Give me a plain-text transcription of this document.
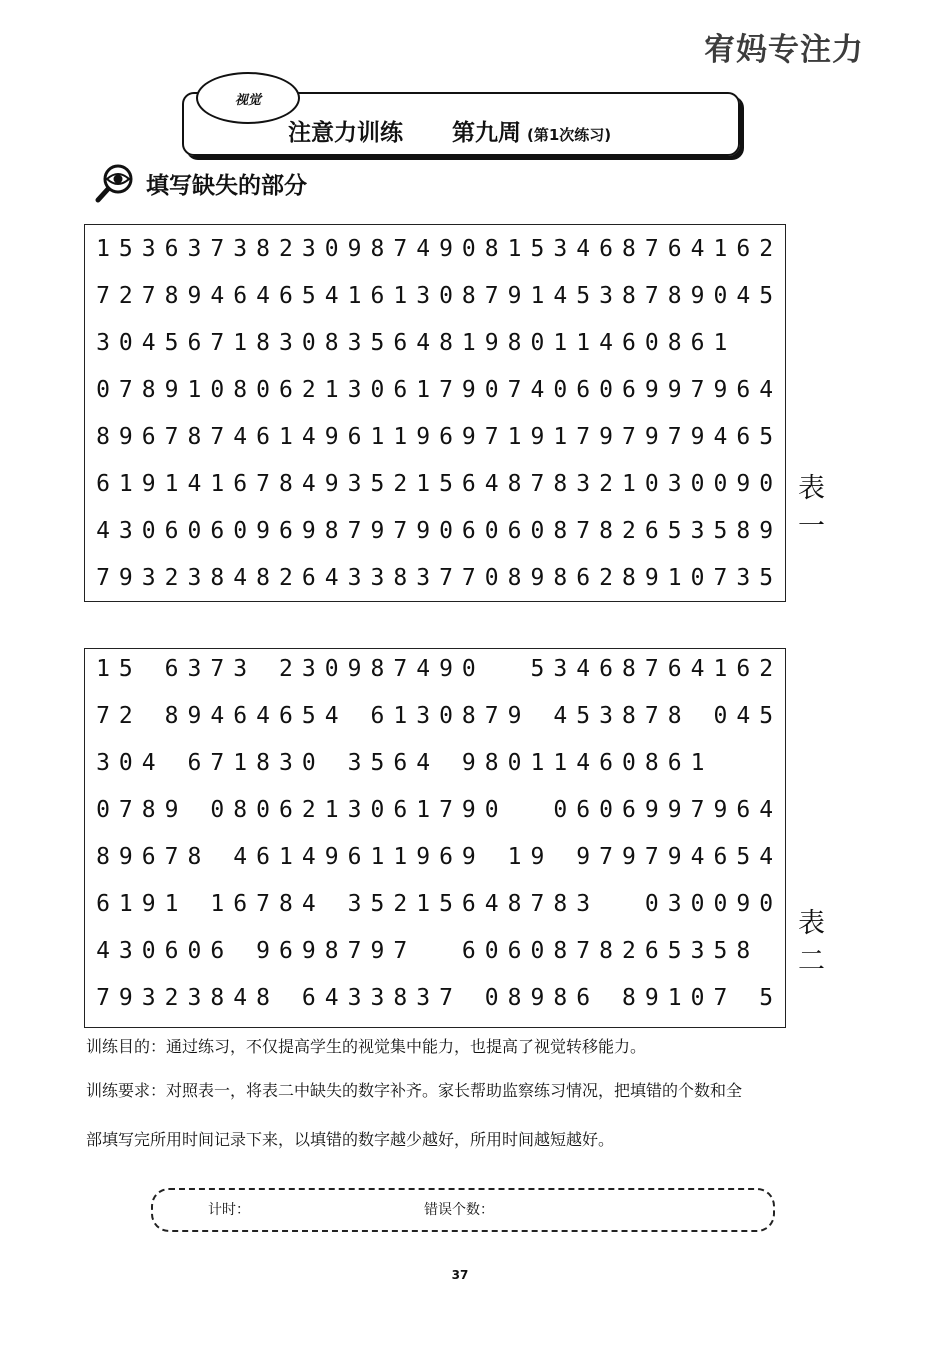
宥妈专注力
视觉
注意力训练 第九周 (第1次练习)
填写缺失的部分
1 5 3 6 3 7 3 8 2 3 0 9 8 7 4 9 0 8 1 5 3 4 6 8 7 6 4 1 6 2
7 2 7 8 9 4 6 4 6 5 4 1 6 1 3 0 8 7 9 1 4 5 3 8 7 8 9 0 4 5
3 0 4 5 6 7 1 8 3 0 8 3 5 6 4 8 1 9 8 0 1 1 4 6 0 8 6 1
0 7 8 9 1 0 8 0 6 2 1 3 0 6 1 7 9 0 7 4 0 6 0 6 9 9 7 9 6 4
8 9 6 7 8 7 4 6 1 4 9 6 1 1 9 6 9 7 1 9 1 7 9 7 9 7 9 4 6 5
6 1 9 1 4 1 6 7 8 4 9 3 5 2 1 5 6 4 8 7 8 3 2 1 0 3 0 0 9 0
4 3 0 6 0 6 0 9 6 9 8 7 9 7 9 0 6 0 6 0 8 7 8 2 6 5 3 5 8 9
7 9 3 2 3 8 4 8 2 6 4 3 3 8 3 7 7 0 8 9 8 6 2 8 9 1 0 7 3 5
表一
1 5 6 3 7 3 2 3 0 9 8 7 4 9 0 5 3 4 6 8 7 6 4 1 6 2
7 2 8 9 4 6 4 6 5 4 6 1 3 0 8 7 9 4 5 3 8 7 8 0 4 5
3 0 4 6 7 1 8 3 0 3 5 6 4 9 8 0 1 1 4 6 0 8 6 1
0 7 8 9 0 8 0 6 2 1 3 0 6 1 7 9 0 0 6 0 6 9 9 7 9 6 4
8 9 6 7 8 4 6 1 4 9 6 1 1 9 6 9 1 9 9 7 9 7 9 4 6 5 4
6 1 9 1 1 6 7 8 4 3 5 2 1 5 6 4 8 7 8 3 0 3 0 0 9 0
4 3 0 6 0 6 9 6 9 8 7 9 7 6 0 6 0 8 7 8 2 6 5 3 5 8
7 9 3 2 3 8 4 8 6 4 3 3 8 3 7 0 8 9 8 6 8 9 1 0 7 5
表二
训练目的：通过练习，不仅提高学生的视觉集中能力，也提高了视觉转移能力。
训练要求：对照表一，将表二中缺失的数字补齐。家长帮助监察练习情况，把填错的个数和全
部填写完所用时间记录下来，以填错的数字越少越好，所用时间越短越好。
计时：	错误个数：
37
